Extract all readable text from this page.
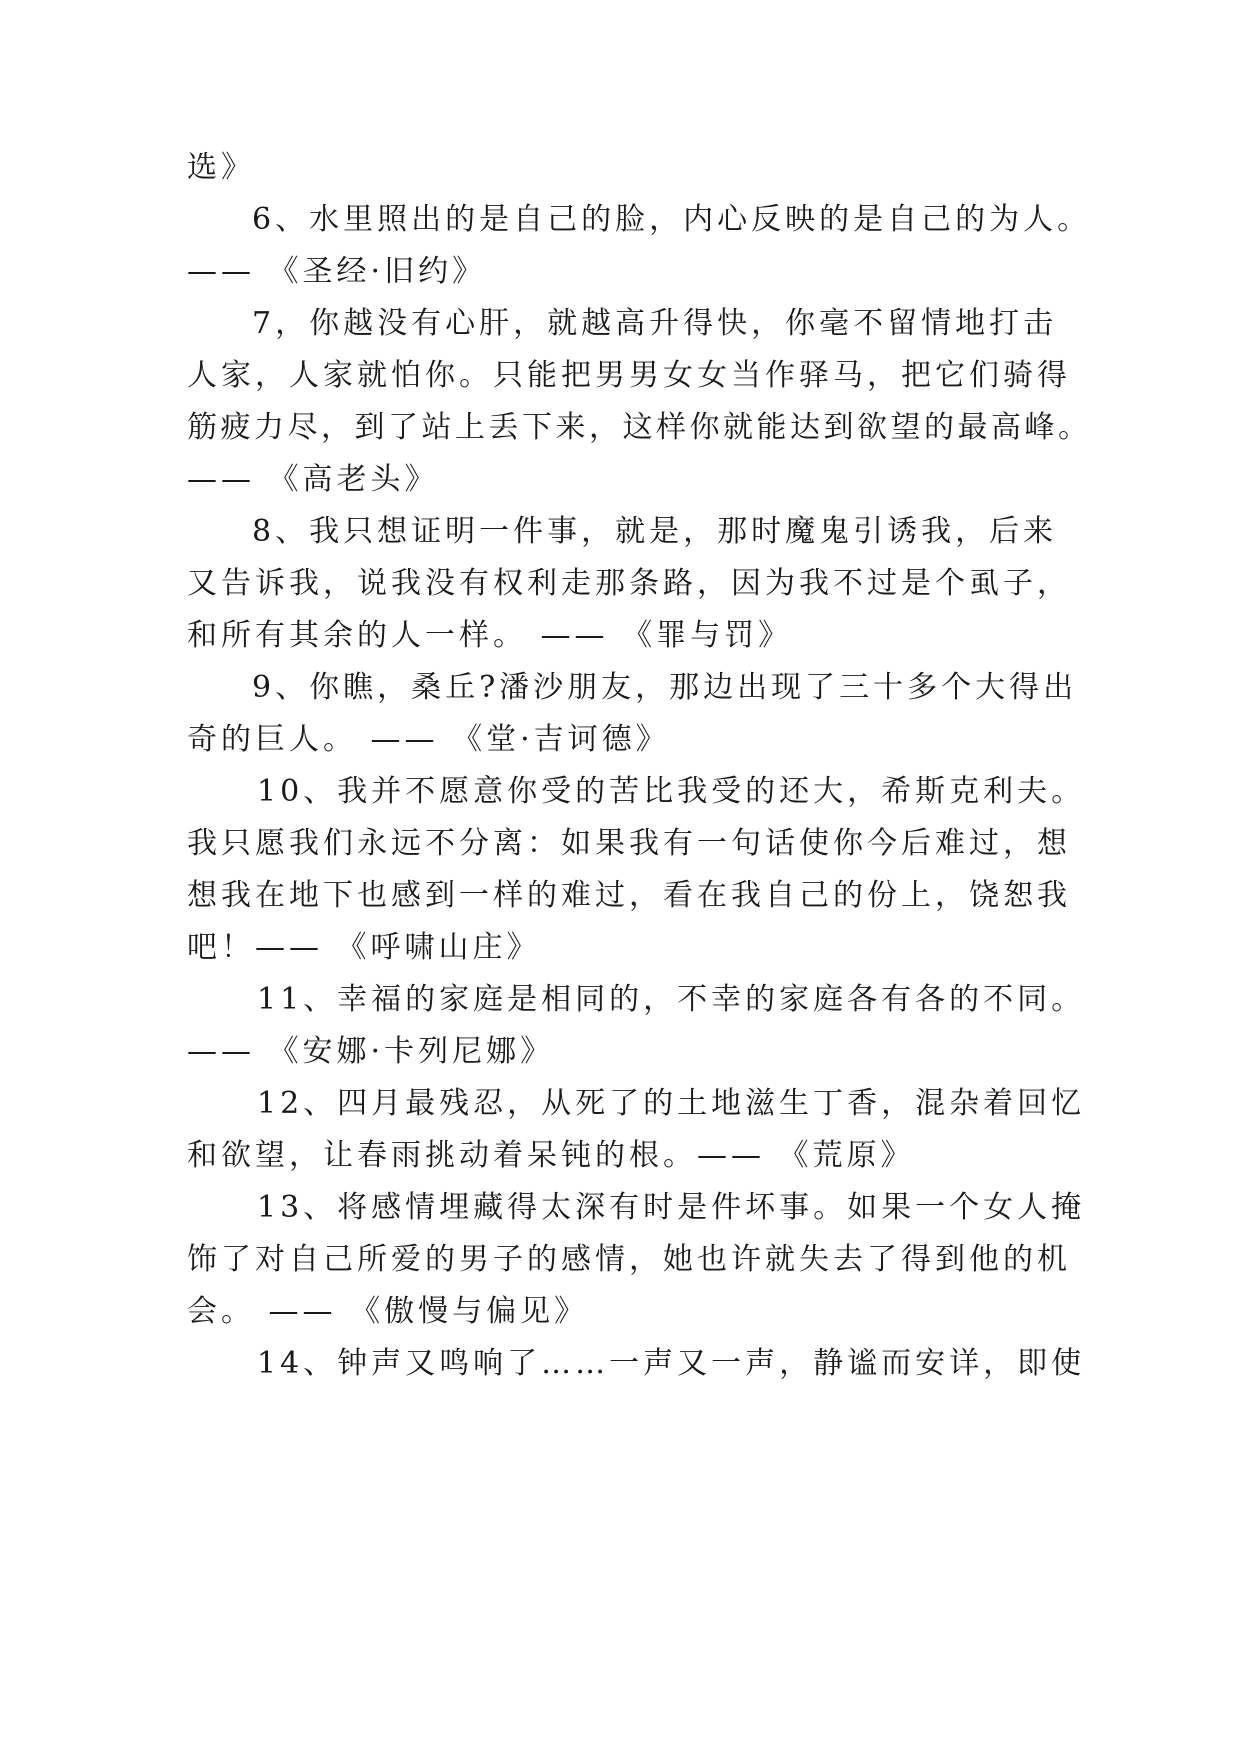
选》

6、水里照出的是自己的脸，内心反映的是自己的为人。

—— 《圣经·旧约》

7，你越没有心肝，就越高升得快，你毫不留情地打击

人家，人家就怕你。只能把男男女女当作驿马，把它们骑得

筋疲力尽，到了站上丢下来，这样你就能达到欲望的最高峰。

—— 《高老头》

8、我只想证明一件事，就是，那时魔鬼引诱我，后来

又告诉我，说我没有权利走那条路，因为我不过是个虱子，

和所有其余的人一样。 —— 《罪与罚》

9、你瞧，桑丘?潘沙朋友，那边出现了三十多个大得出

奇的巨人。 —— 《堂·吉诃德》

10、我并不愿意你受的苦比我受的还大，希斯克利夫。

我只愿我们永远不分离：如果我有一句话使你今后难过，想

想我在地下也感到一样的难过，看在我自己的份上，饶恕我

吧！—— 《呼啸山庄》

11、幸福的家庭是相同的，不幸的家庭各有各的不同。

—— 《安娜·卡列尼娜》

12、四月最残忍，从死了的土地滋生丁香，混杂着回忆

和欲望，让春雨挑动着呆钝的根。—— 《荒原》

13、将感情埋藏得太深有时是件坏事。如果一个女人掩

饰了对自己所爱的男子的感情，她也许就失去了得到他的机

会。 —— 《傲慢与偏见》

14、钟声又鸣响了……一声又一声，静谧而安详，即使
